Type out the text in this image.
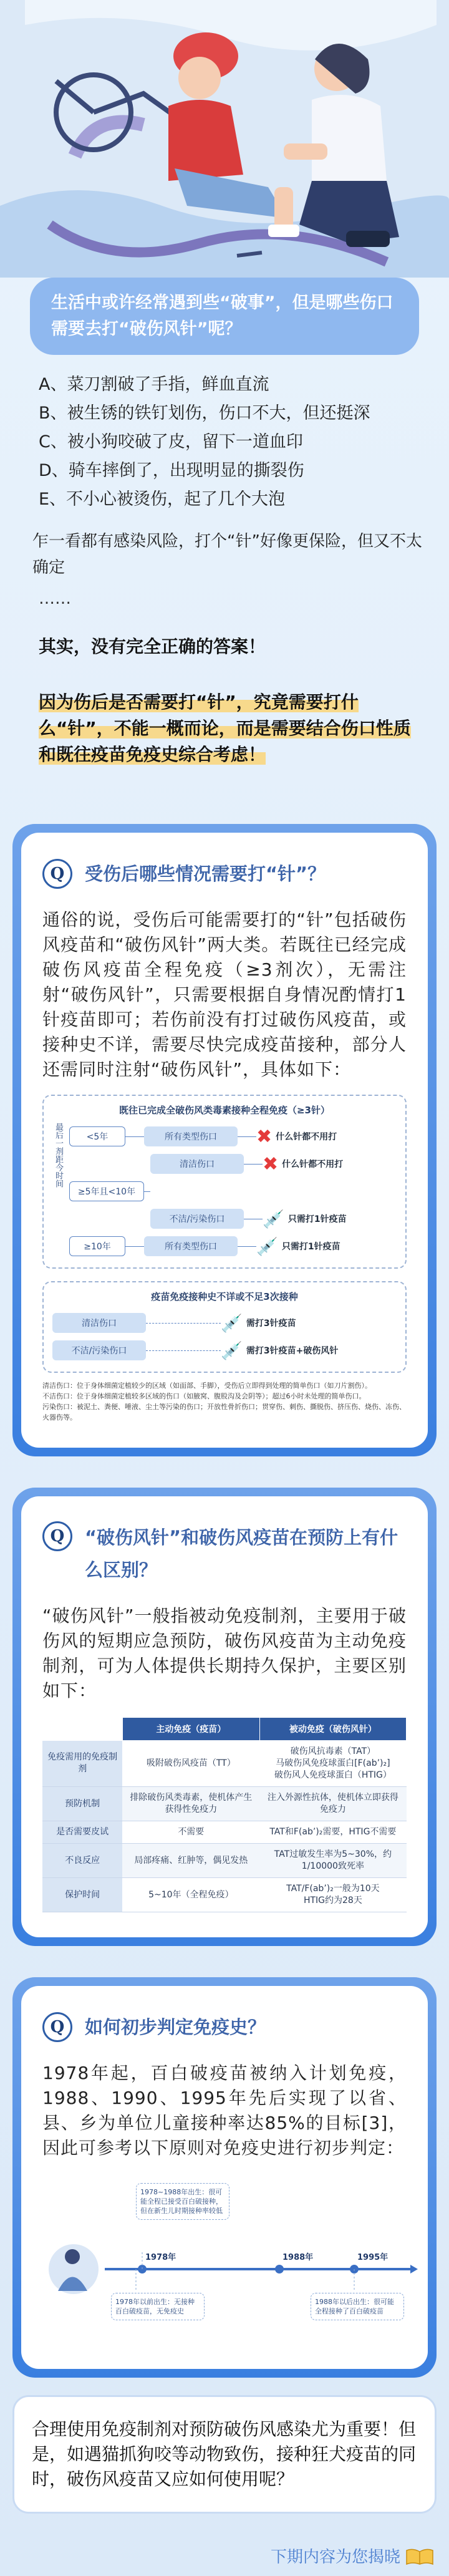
生活中或许经常遇到些“破事”，但是哪些伤口需要去打“破伤风针”呢？
A、菜刀割破了手指，鲜血直流
B、被生锈的铁钉划伤，伤口不大，但还挺深
C、被小狗咬破了皮，留下一道血印
D、骑车摔倒了，出现明显的撕裂伤
E、不小心被烫伤，起了几个大泡
乍一看都有感染风险，打个“针”好像更保险，但又不太确定
……
其实，没有完全正确的答案！
因为伤后是否需要打“针”，究竟需要打什么“针”，不能一概而论，而是需要结合伤口性质和既往疫苗免疫史综合考虑！
Q	受伤后哪些情况需要打“针”？
通俗的说，受伤后可能需要打的“针”包括破伤风疫苗和“破伤风针”两大类。若既往已经完成破伤风疫苗全程免疫（≥3剂次），无需注射“破伤风针”，只需要根据自身情况酌情打1针疫苗即可；若伤前没有打过破伤风疫苗，或接种史不详，需要尽快完成疫苗接种，部分人还需同时注射“破伤风针”，具体如下：
既往已完成全破伤风类毒素接种全程免疫（≥3针）
最后一剂距今时间	<5年	所有类型伤口	✖ 什么针都不用打
清洁伤口	✖ 什么针都不用打
≥5年且<10年
不洁/污染伤口	💉 只需打1针疫苗
≥10年	所有类型伤口	💉 只需打1针疫苗
疫苗免疫接种史不详或不足3次接种
清洁伤口	💉 需打3针疫苗
不洁/污染伤口	💉 需打3针疫苗+破伤风针
清洁伤口：位于身体细菌定植较少的区域（如面部、手脚），受伤后立即得到处理的简单伤口（如刀片割伤）。
不洁伤口：位于身体细菌定植较多区域的伤口（如腋窝、腹股沟及会阴等）；超过6小时未处理的简单伤口。
污染伤口：被泥土、粪便、唾液、尘土等污染的伤口；开放性骨折伤口；贯穿伤、刺伤、撕脱伤、挤压伤、烧伤、冻伤、火器伤等。
Q	“破伤风针”和破伤风疫苗在预防上有什么区别？
“破伤风针”一般指被动免疫制剂，主要用于破伤风的短期应急预防，破伤风疫苗为主动免疫制剂，可为人体提供长期持久保护，主要区别如下：
	主动免疫（疫苗）	被动免疫（破伤风针）
免疫需用的免疫制剂	吸附破伤风疫苗（TT）	破伤风抗毒素（TAT）
马破伤风免疫球蛋白[F(ab’)₂]
破伤风人免疫球蛋白（HTIG）
预防机制	排除破伤风类毒素，使机体产生获得性免疫力	注入外源性抗体，使机体立即获得免疫力
是否需要皮试	不需要	TAT和F(ab’)₂需要，HTIG不需要
不良反应	局部疼痛、红肿等，偶见发热	TAT过敏发生率为5~30%，约1/10000致死率
保护时间	5~10年（全程免疫）	TAT/F(ab’)₂一般为10天
HTIG约为28天
Q	如何初步判定免疫史？
1978年起，百白破疫苗被纳入计划免疫，1988、1990、1995年先后实现了以省、县、乡为单位儿童接种率达85%的目标[3]，因此可参考以下原则对免疫史进行初步判定：
1978年	1988年	1995年
1978~1988年出生：很可能全程已接受百白破接种，但在新生儿时期接种率较低
1978年以前出生：无接种百白破疫苗，无免疫史
1988年以后出生：很可能全程接种了百白破疫苗
合理使用免疫制剂对预防破伤风感染尤为重要！但是，如遇猫抓狗咬等动物致伤，接种狂犬疫苗的同时，破伤风疫苗又应如何使用呢？
下期内容为您揭晓
